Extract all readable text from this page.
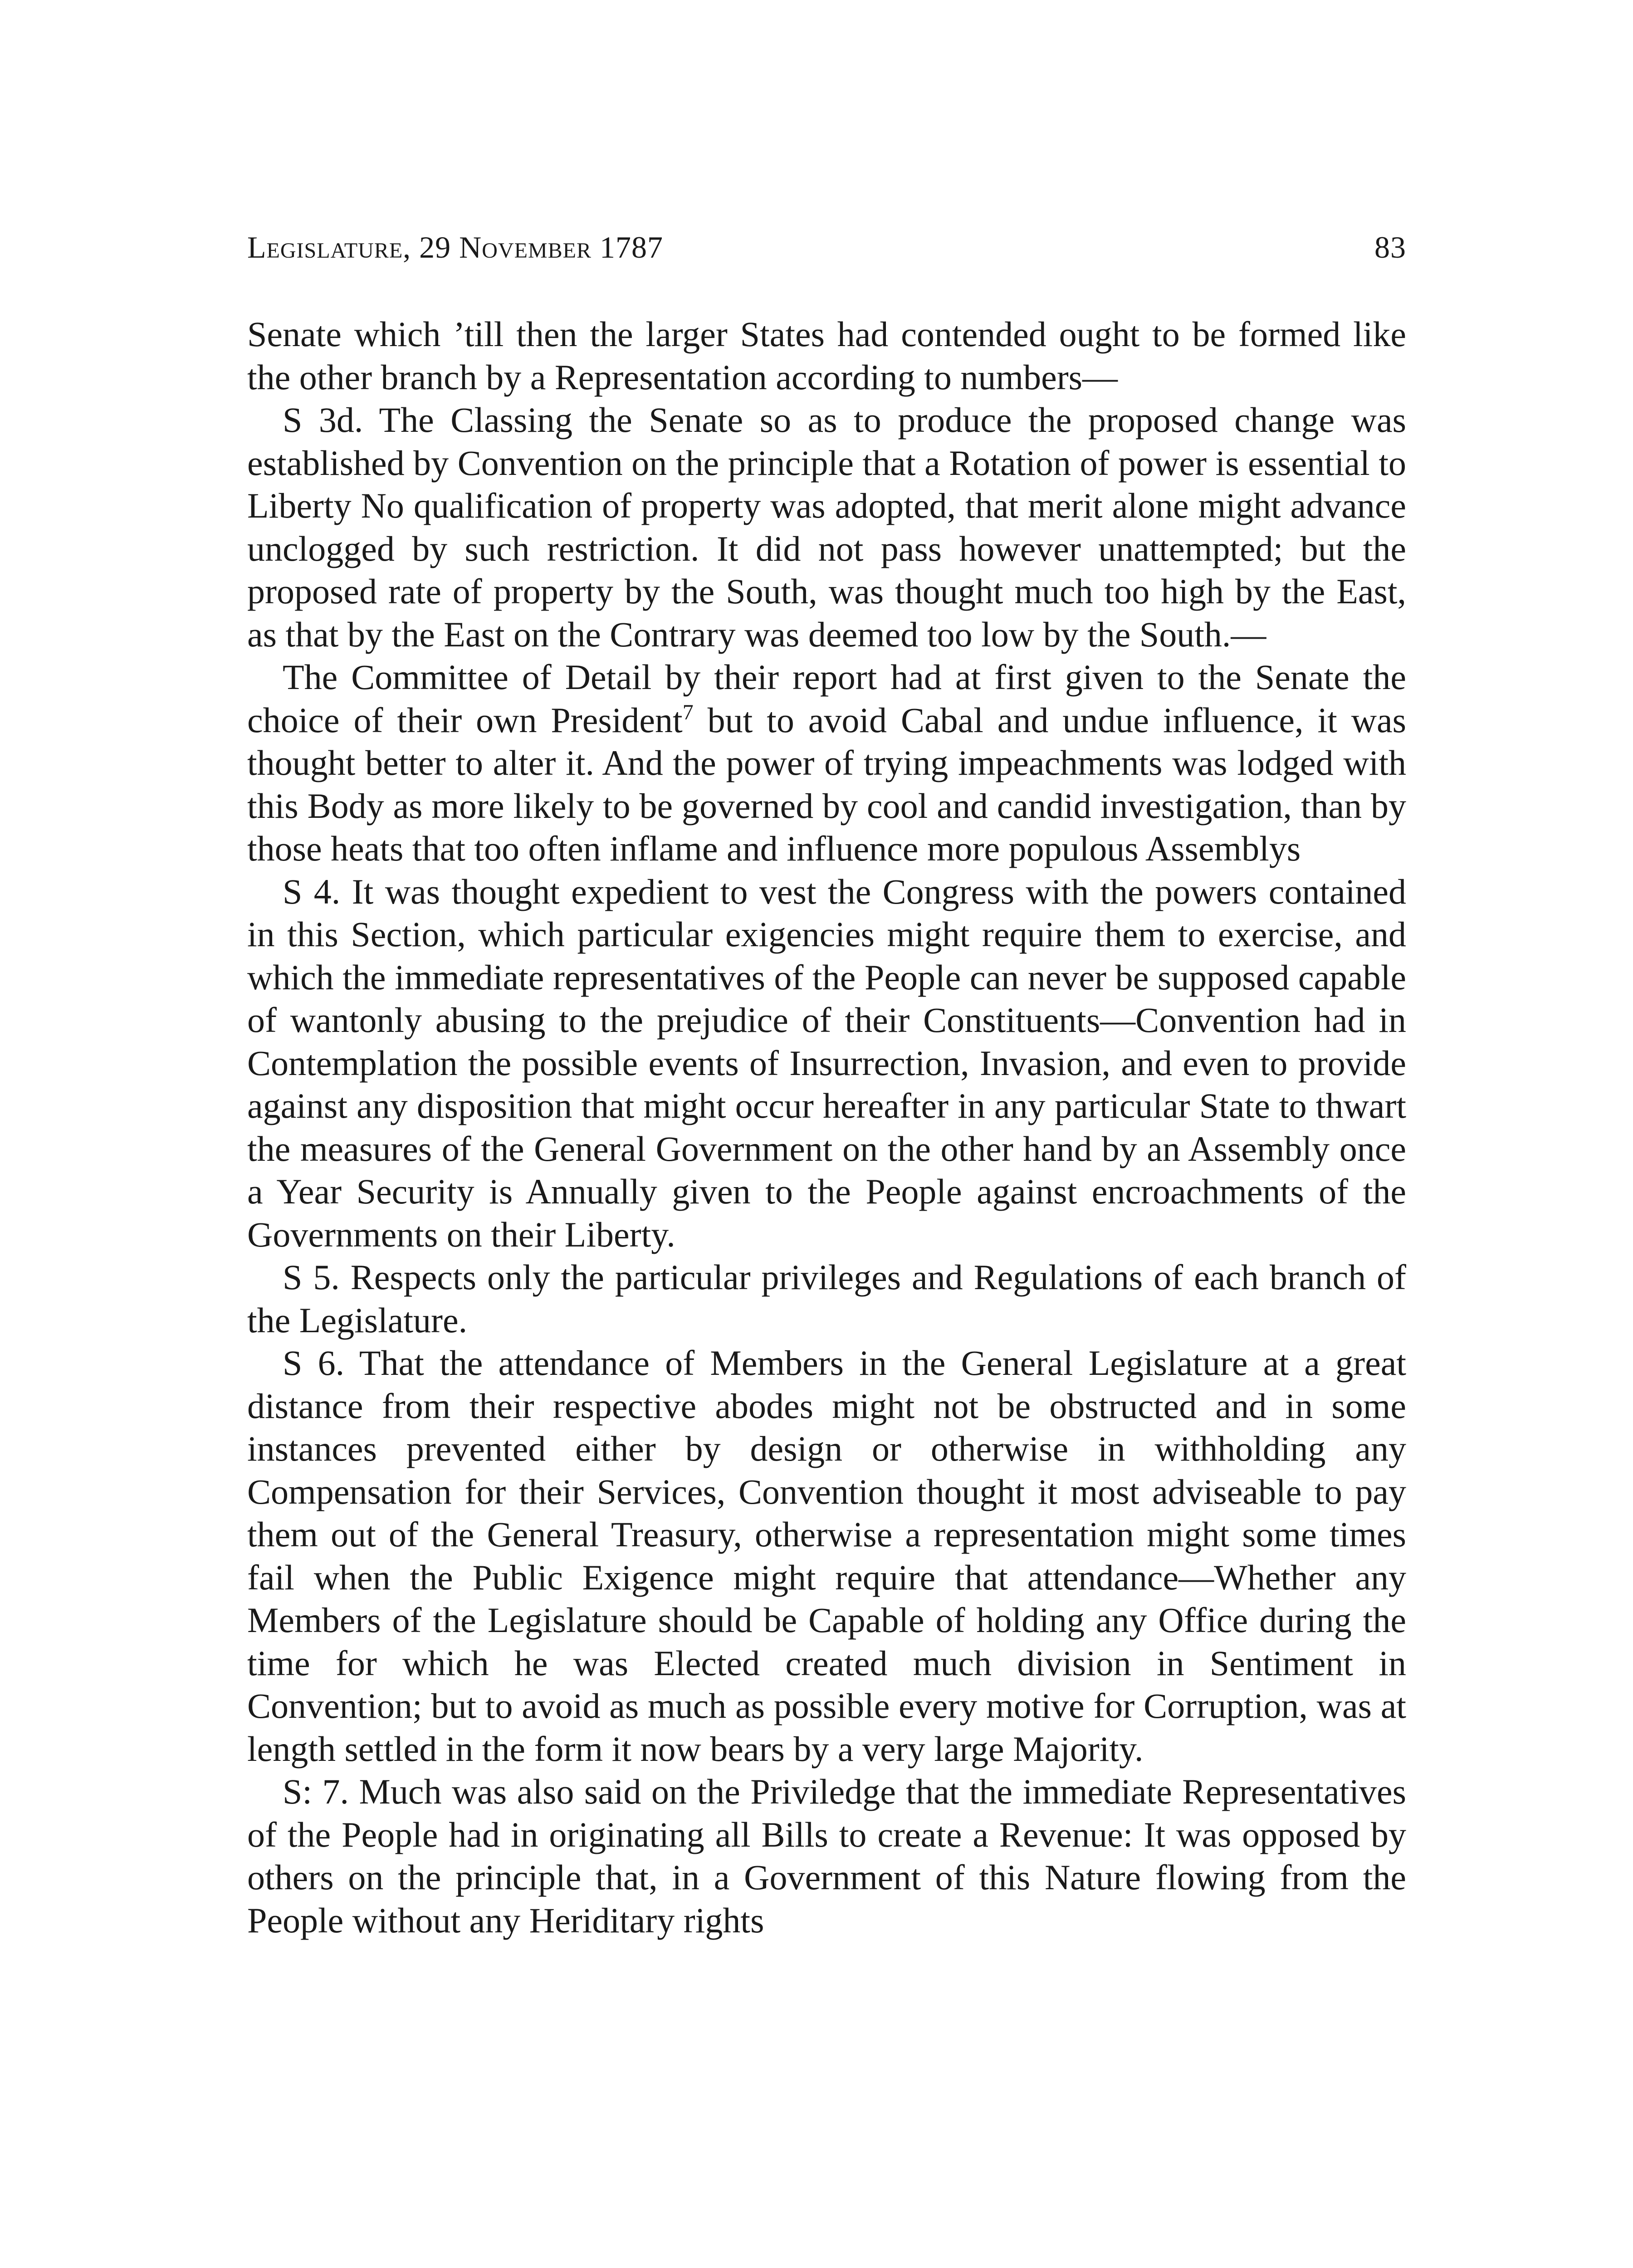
Legislature, 29 November 1787	83

Senate which ’till then the larger States had contended ought to be formed like the other branch by a Representation according to numbers—

S 3d. The Classing the Senate so as to produce the proposed change was established by Convention on the principle that a Rotation of power is essential to Liberty No qualification of property was adopted, that merit alone might advance unclogged by such restriction. It did not pass however unattempted; but the proposed rate of property by the South, was thought much too high by the East, as that by the East on the Contrary was deemed too low by the South.—

The Committee of Detail by their report had at first given to the Senate the choice of their own President$^7$ but to avoid Cabal and undue influence, it was thought better to alter it. And the power of trying impeachments was lodged with this Body as more likely to be governed by cool and candid investigation, than by those heats that too often inflame and influence more populous Assemblys

S 4. It was thought expedient to vest the Congress with the powers contained in this Section, which particular exigencies might require them to exercise, and which the immediate representatives of the People can never be supposed capable of wantonly abusing to the prejudice of their Constituents—Convention had in Contemplation the possible events of Insurrection, Invasion, and even to provide against any disposition that might occur hereafter in any particular State to thwart the measures of the General Government on the other hand by an Assembly once a Year Security is Annually given to the People against encroachments of the Governments on their Liberty.

S 5. Respects only the particular privileges and Regulations of each branch of the Legislature.

S 6. That the attendance of Members in the General Legislature at a great distance from their respective abodes might not be obstructed and in some instances prevented either by design or otherwise in withholding any Compensation for their Services, Convention thought it most adviseable to pay them out of the General Treasury, otherwise a representation might some times fail when the Public Exigence might require that attendance—Whether any Members of the Legislature should be Capable of holding any Office during the time for which he was Elected created much division in Sentiment in Convention; but to avoid as much as possible every motive for Corruption, was at length settled in the form it now bears by a very large Majority.

S: 7. Much was also said on the Priviledge that the immediate Representatives of the People had in originating all Bills to create a Revenue: It was opposed by others on the principle that, in a Government of this Nature flowing from the People without any Heriditary rights
